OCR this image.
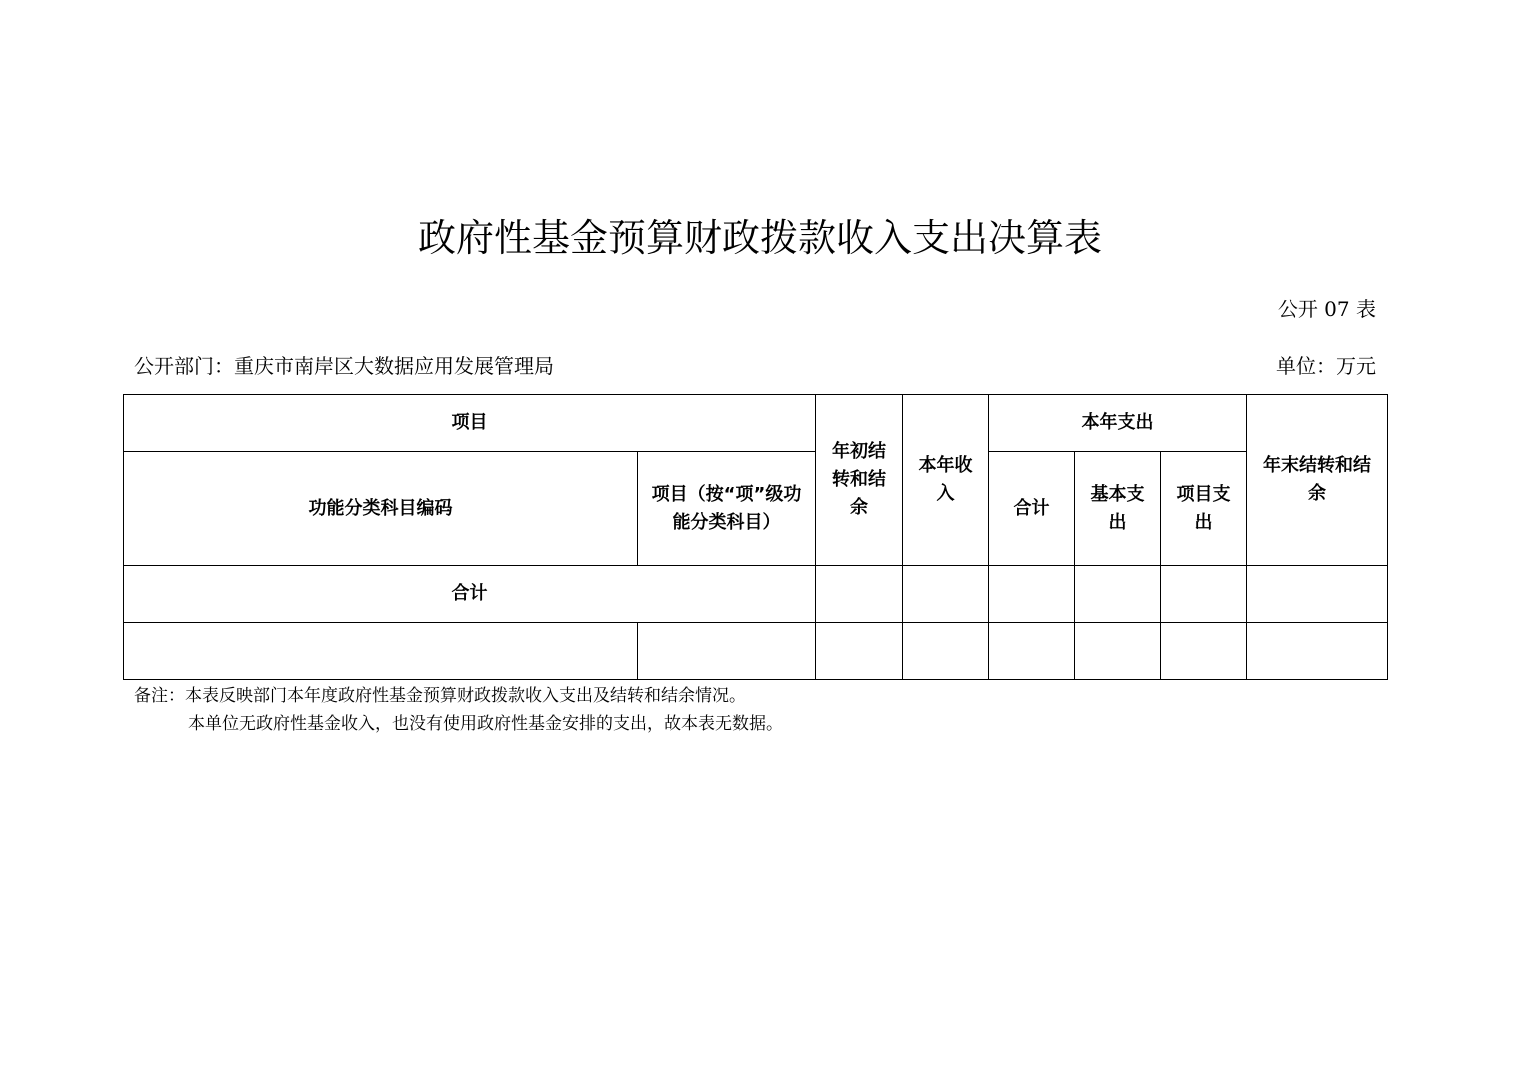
政府性基金预算财政拨款收入支出决算表
公开 07 表
公开部门：重庆市南岸区大数据应用发展管理局	单位：万元
项目		年初结转和结余	本年收入	本年支出			年末结转和结余
功能分类科目编码	项目（按“项”级功能分类科目）			合计	基本支出	项目支出	
合计							

备注：本表反映部门本年度政府性基金预算财政拨款收入支出及结转和结余情况。
本单位无政府性基金收入，也没有使用政府性基金安排的支出，故本表无数据。
